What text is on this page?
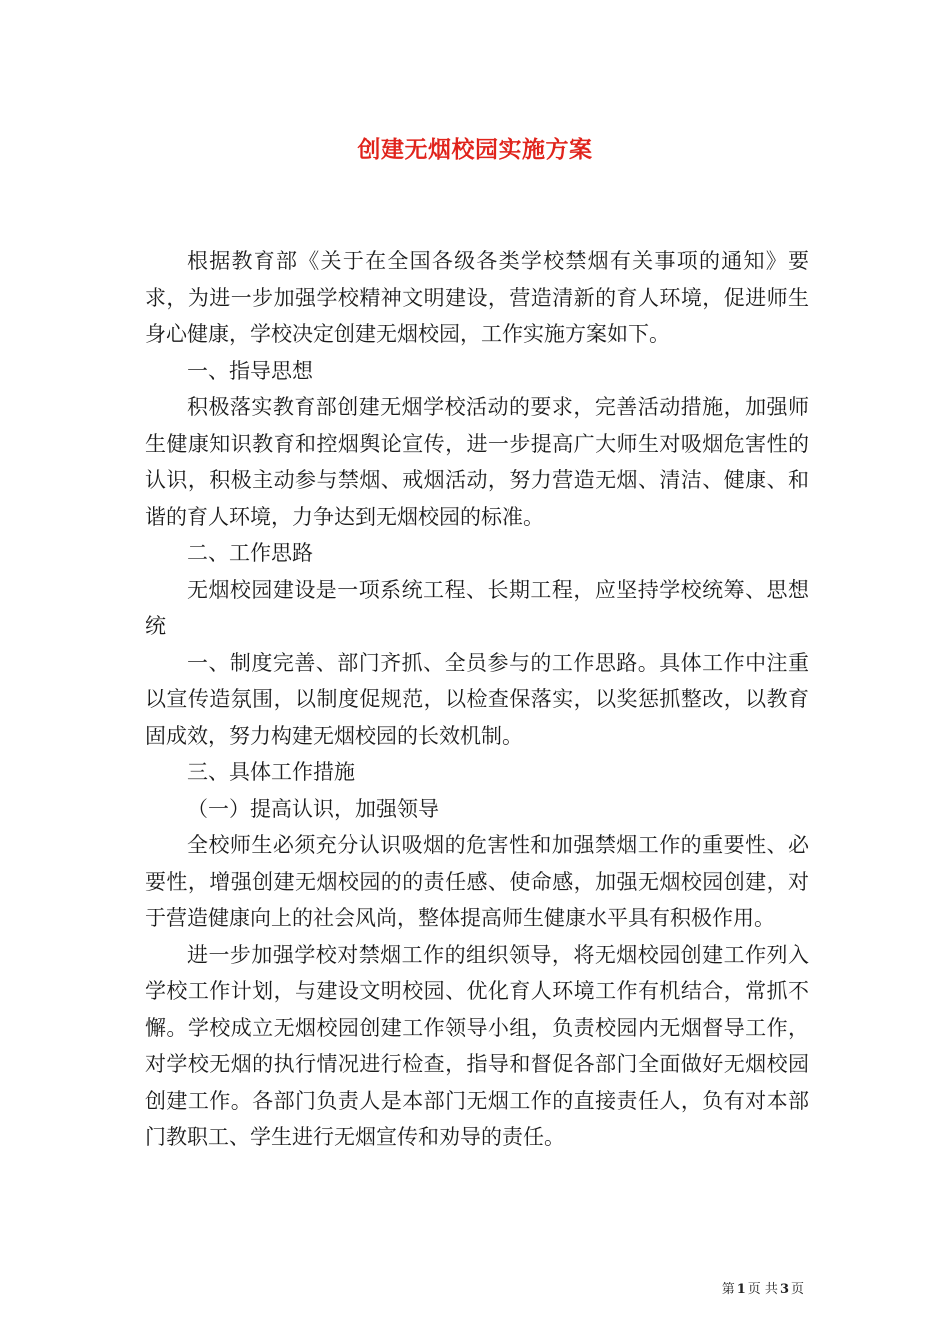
创建无烟校园实施方案

根据教育部《关于在全国各级各类学校禁烟有关事项的通知》要求，为进一步加强学校精神文明建设，营造清新的育人环境，促进师生身心健康，学校决定创建无烟校园，工作实施方案如下。

一、指导思想

积极落实教育部创建无烟学校活动的要求，完善活动措施，加强师生健康知识教育和控烟舆论宣传，进一步提高广大师生对吸烟危害性的认识，积极主动参与禁烟、戒烟活动，努力营造无烟、清洁、健康、和谐的育人环境，力争达到无烟校园的标准。

二、工作思路

无烟校园建设是一项系统工程、长期工程，应坚持学校统筹、思想统

一、制度完善、部门齐抓、全员参与的工作思路。具体工作中注重以宣传造氛围，以制度促规范，以检查保落实，以奖惩抓整改，以教育固成效，努力构建无烟校园的长效机制。

三、具体工作措施

（一）提高认识，加强领导

全校师生必须充分认识吸烟的危害性和加强禁烟工作的重要性、必要性，增强创建无烟校园的的责任感、使命感，加强无烟校园创建，对于营造健康向上的社会风尚，整体提高师生健康水平具有积极作用。

进一步加强学校对禁烟工作的组织领导，将无烟校园创建工作列入学校工作计划，与建设文明校园、优化育人环境工作有机结合，常抓不懈。学校成立无烟校园创建工作领导小组，负责校园内无烟督导工作，对学校无烟的执行情况进行检查，指导和督促各部门全面做好无烟校园创建工作。各部门负责人是本部门无烟工作的直接责任人，负有对本部门教职工、学生进行无烟宣传和劝导的责任。

第 1 页 共 3 页
